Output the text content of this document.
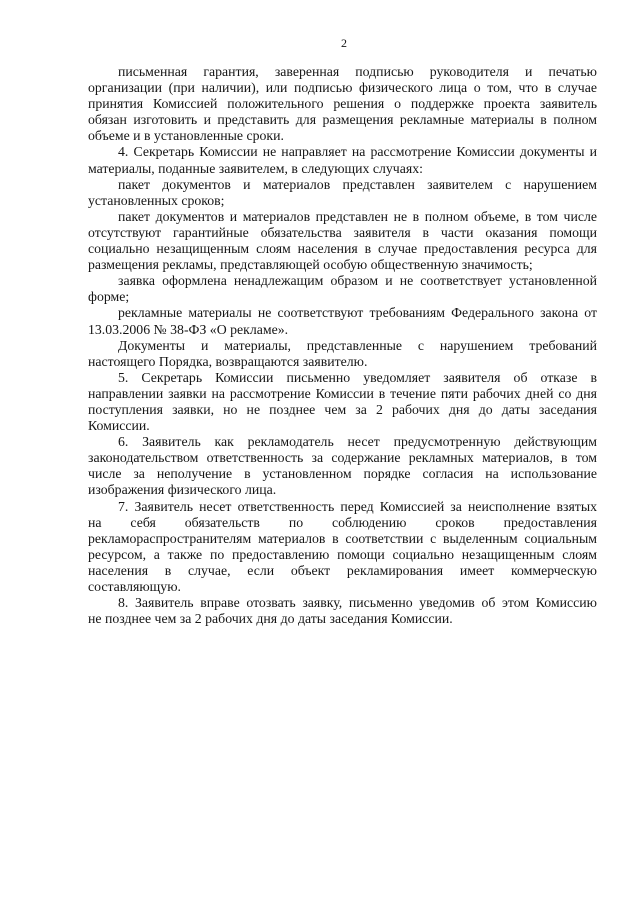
2
письменная гарантия, заверенная подписью руководителя и печатью
организации (при наличии), или подписью физического лица о том, что в случае
принятия Комиссией положительного решения о поддержке проекта заявитель
обязан изготовить и представить для размещения рекламные материалы в полном
объеме и в установленные сроки.
4. Секретарь Комиссии не направляет на рассмотрение Комиссии документы и
материалы, поданные заявителем, в следующих случаях:
пакет документов и материалов представлен заявителем с нарушением
установленных сроков;
пакет документов и материалов представлен не в полном объеме, в том числе
отсутствуют гарантийные обязательства заявителя в части оказания помощи
социально незащищенным слоям населения в случае предоставления ресурса для
размещения рекламы, представляющей особую общественную значимость;
заявка оформлена ненадлежащим образом и не соответствует установленной
форме;
рекламные материалы не соответствуют требованиям Федерального закона от
13.03.2006 № 38-ФЗ «О рекламе».
Документы и материалы, представленные с нарушением требований
настоящего Порядка, возвращаются заявителю.
5. Секретарь Комиссии письменно уведомляет заявителя об отказе в
направлении заявки на рассмотрение Комиссии в течение пяти рабочих дней со дня
поступления заявки, но не позднее чем за 2 рабочих дня до даты заседания
Комиссии.
6. Заявитель как рекламодатель несет предусмотренную действующим
законодательством ответственность за содержание рекламных материалов, в том
числе за неполучение в установленном порядке согласия на использование
изображения физического лица.
7. Заявитель несет ответственность перед Комиссией за неисполнение взятых
на себя обязательств по соблюдению сроков предоставления
рекламораспространителям материалов в соответствии с выделенным социальным
ресурсом, а также по предоставлению помощи социально незащищенным слоям
населения в случае, если объект рекламирования имеет коммерческую
составляющую.
8. Заявитель вправе отозвать заявку, письменно уведомив об этом Комиссию
не позднее чем за 2 рабочих дня до даты заседания Комиссии.
